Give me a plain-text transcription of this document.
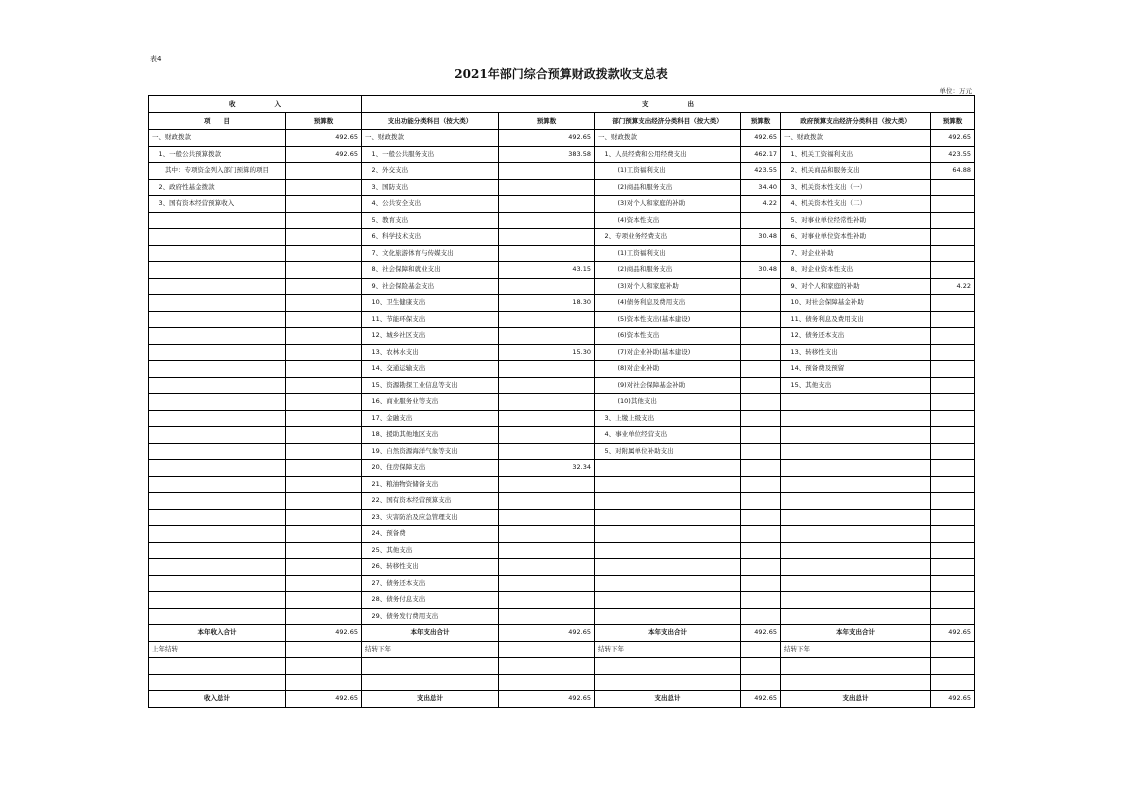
表4
2021年部门综合预算财政拨款收支总表
单位：万元
收　　　　　　入		支　　　　　　出					
项　　目	预算数	支出功能分类科目（按大类）	预算数	部门预算支出经济分类科目（按大类）	预算数	政府预算支出经济分类科目（按大类）	预算数
一、财政拨款	492.65	一、财政拨款	492.65	一、财政拨款	492.65	一、财政拨款	492.65
　1、一般公共预算拨款	492.65	　1、一般公共服务支出	383.58	　1、人员经费和公用经费支出	462.17	　1、机关工资福利支出	423.55
　　其中：专项资金列入部门预算的项目		　2、外交支出		　　　(1)工资福利支出	423.55	　2、机关商品和服务支出	64.88
　2、政府性基金拨款		　3、国防支出		　　　(2)商品和服务支出	34.40	　3、机关资本性支出（一）	
　3、国有资本经营预算收入		　4、公共安全支出		　　　(3)对个人和家庭的补助	4.22	　4、机关资本性支出（二）	
		　5、教育支出		　　　(4)资本性支出		　5、对事业单位经常性补助	
		　6、科学技术支出		　2、专项业务经费支出	30.48	　6、对事业单位资本性补助	
		　7、文化旅游体育与传媒支出		　　　(1)工资福利支出		　7、对企业补助	
		　8、社会保障和就业支出	43.15	　　　(2)商品和服务支出	30.48	　8、对企业资本性支出	
		　9、社会保险基金支出		　　　(3)对个人和家庭补助		　9、对个人和家庭的补助	4.22
		　10、卫生健康支出	18.30	　　　(4)债务利息及费用支出		　10、对社会保障基金补助	
		　11、节能环保支出		　　　(5)资本性支出(基本建设)		　11、债务利息及费用支出	
		　12、城乡社区支出		　　　(6)资本性支出		　12、债务还本支出	
		　13、农林水支出	15.30	　　　(7)对企业补助(基本建设)		　13、转移性支出	
		　14、交通运输支出		　　　(8)对企业补助		　14、预备费及预留	
		　15、资源勘探工业信息等支出		　　　(9)对社会保障基金补助		　15、其他支出	
		　16、商业服务业等支出		　　　(10)其他支出			
		　17、金融支出		　3、上缴上级支出			
		　18、援助其他地区支出		　4、事业单位经营支出			
		　19、自然资源海洋气象等支出		　5、对附属单位补助支出			
		　20、住房保障支出	32.34				
		　21、粮油物资储备支出					
		　22、国有资本经营预算支出					
		　23、灾害防治及应急管理支出					
		　24、预备费					
		　25、其他支出					
		　26、转移性支出					
		　27、债务还本支出					
		　28、债务付息支出					
		　29、债务发行费用支出					
本年收入合计	492.65	本年支出合计	492.65	本年支出合计	492.65	本年支出合计	492.65
上年结转		结转下年		结转下年		结转下年	

收入总计	492.65	支出总计	492.65	支出总计	492.65	支出总计	492.65
